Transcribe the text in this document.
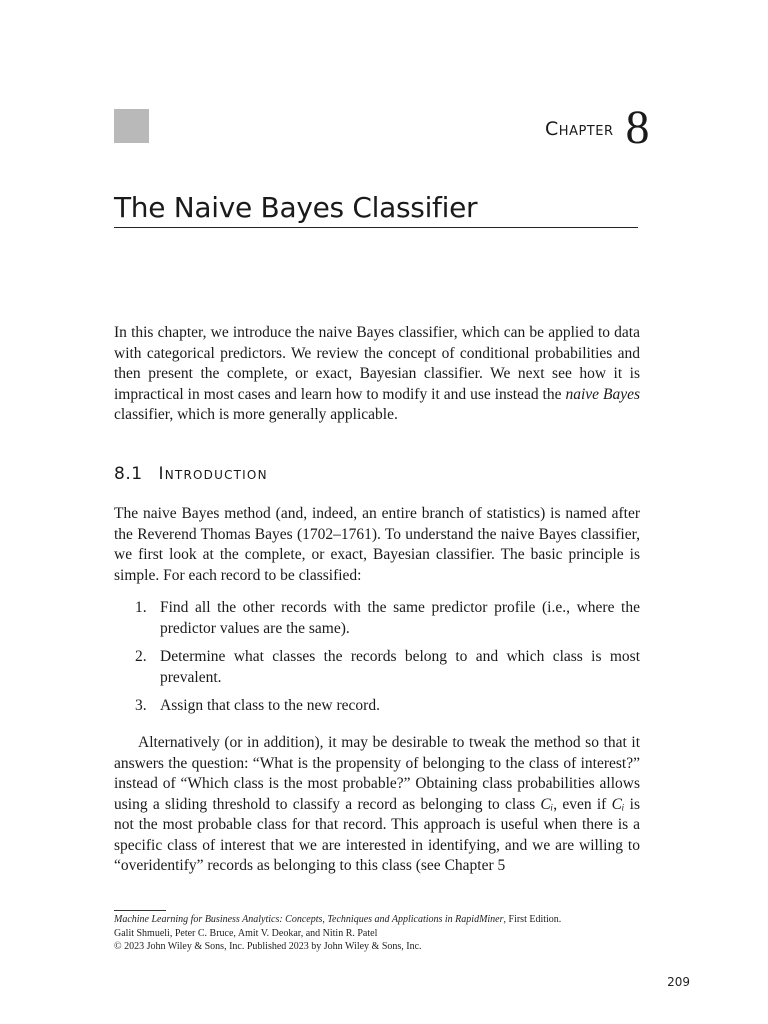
Chapter 8
The Naive Bayes Classifier
In this chapter, we introduce the naive Bayes classifier, which can be applied to data with categorical predictors. We review the concept of conditional probabilities and then present the complete, or exact, Bayesian classifier. We next see how it is impractical in most cases and learn how to modify it and use instead the naive Bayes classifier, which is more generally applicable.
8.1 Introduction
The naive Bayes method (and, indeed, an entire branch of statistics) is named after the Reverend Thomas Bayes (1702–1761). To understand the naive Bayes classifier, we first look at the complete, or exact, Bayesian classifier. The basic principle is simple. For each record to be classified:
1. Find all the other records with the same predictor profile (i.e., where the predictor values are the same).
2. Determine what classes the records belong to and which class is most prevalent.
3. Assign that class to the new record.
Alternatively (or in addition), it may be desirable to tweak the method so that it answers the question: “What is the propensity of belonging to the class of interest?” instead of “Which class is the most probable?” Obtaining class probabilities allows using a sliding threshold to classify a record as belonging to class Cᵢ, even if Cᵢ is not the most probable class for that record. This approach is useful when there is a specific class of interest that we are interested in identifying, and we are willing to “overidentify” records as belonging to this class (see Chapter 5
Machine Learning for Business Analytics: Concepts, Techniques and Applications in RapidMiner, First Edition.
Galit Shmueli, Peter C. Bruce, Amit V. Deokar, and Nitin R. Patel
© 2023 John Wiley & Sons, Inc. Published 2023 by John Wiley & Sons, Inc.
209
